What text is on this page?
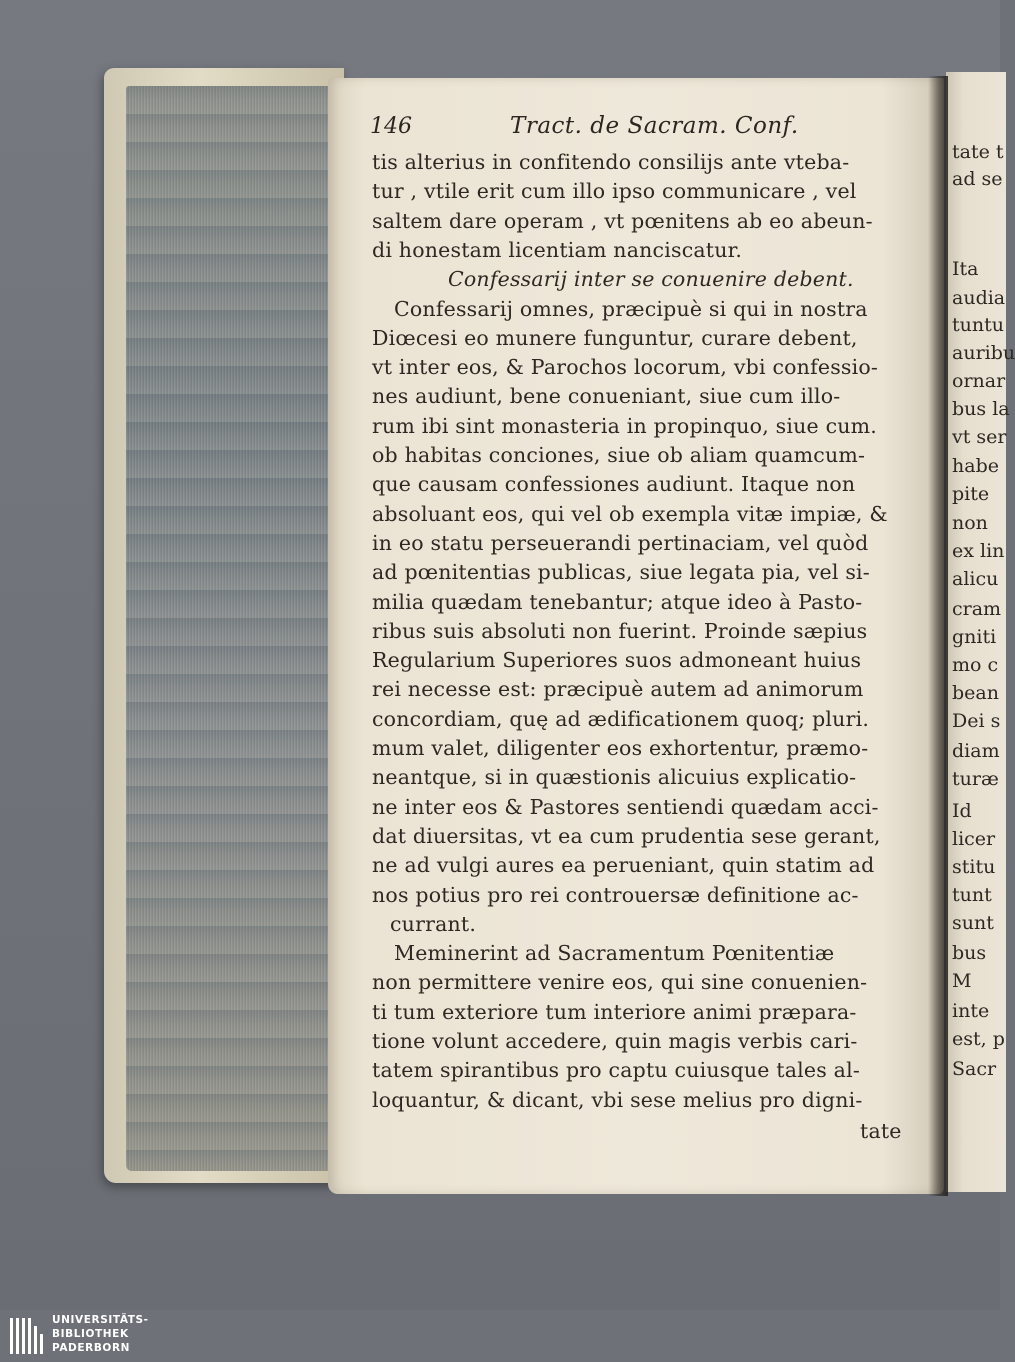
146	Tract. de Sacram. Conf.
tis alterius in confitendo consilijs ante vteba-
tur , vtile erit cum illo ipso communicare , vel
saltem dare operam , vt pœnitens ab eo abeun-
di honestam licentiam nanciscatur.
Confessarij inter se conuenire debent.
Confessarij omnes, præcipuè si qui in nostra
Diœcesi eo munere funguntur, curare debent,
vt inter eos, & Parochos locorum, vbi confessio-
nes audiunt, bene conueniant, siue cum illo-
rum ibi sint monasteria in propinquo, siue cum.
ob habitas conciones, siue ob aliam quamcum-
que causam confessiones audiunt. Itaque non
absoluant eos, qui vel ob exempla vitæ impiæ, &
in eo statu perseuerandi pertinaciam, vel quòd
ad pœnitentias publicas, siue legata pia, vel si-
milia quædam tenebantur; atque ideo à Pasto-
ribus suis absoluti non fuerint. Proinde sæpius
Regularium Superiores suos admoneant huius
rei necesse est: præcipuè autem ad animorum
concordiam, quę ad ædificationem quoq; pluri.
mum valet, diligenter eos exhortentur, præmo-
neantque, si in quæstionis alicuius explicatio-
ne inter eos & Pastores sentiendi quædam acci-
dat diuersitas, vt ea cum prudentia sese gerant,
ne ad vulgi aures ea perueniant, quin statim ad
nos potius pro rei controuersæ definitione ac-
currant.
Meminerint ad Sacramentum Pœnitentiæ
non permittere venire eos, qui sine conuenien-
ti tum exteriore tum interiore animi præpara-
tione volunt accedere, quin magis verbis cari-
tatem spirantibus pro captu cuiusque tales al-
loquantur, & dicant, vbi sese melius pro digni-
tate
tate t
ad se
Ita
audia
tuntu
auribu
ornar
bus la
vt ser
habe
pite
non
ex lin
alicu
cram
gniti
mo c
bean
Dei s
diam
turæ
Id
licer
stitu
tunt
sunt
bus
M
inte
est, p
Sacr
UNIVERSITÄTS-
BIBLIOTHEK
PADERBORN
